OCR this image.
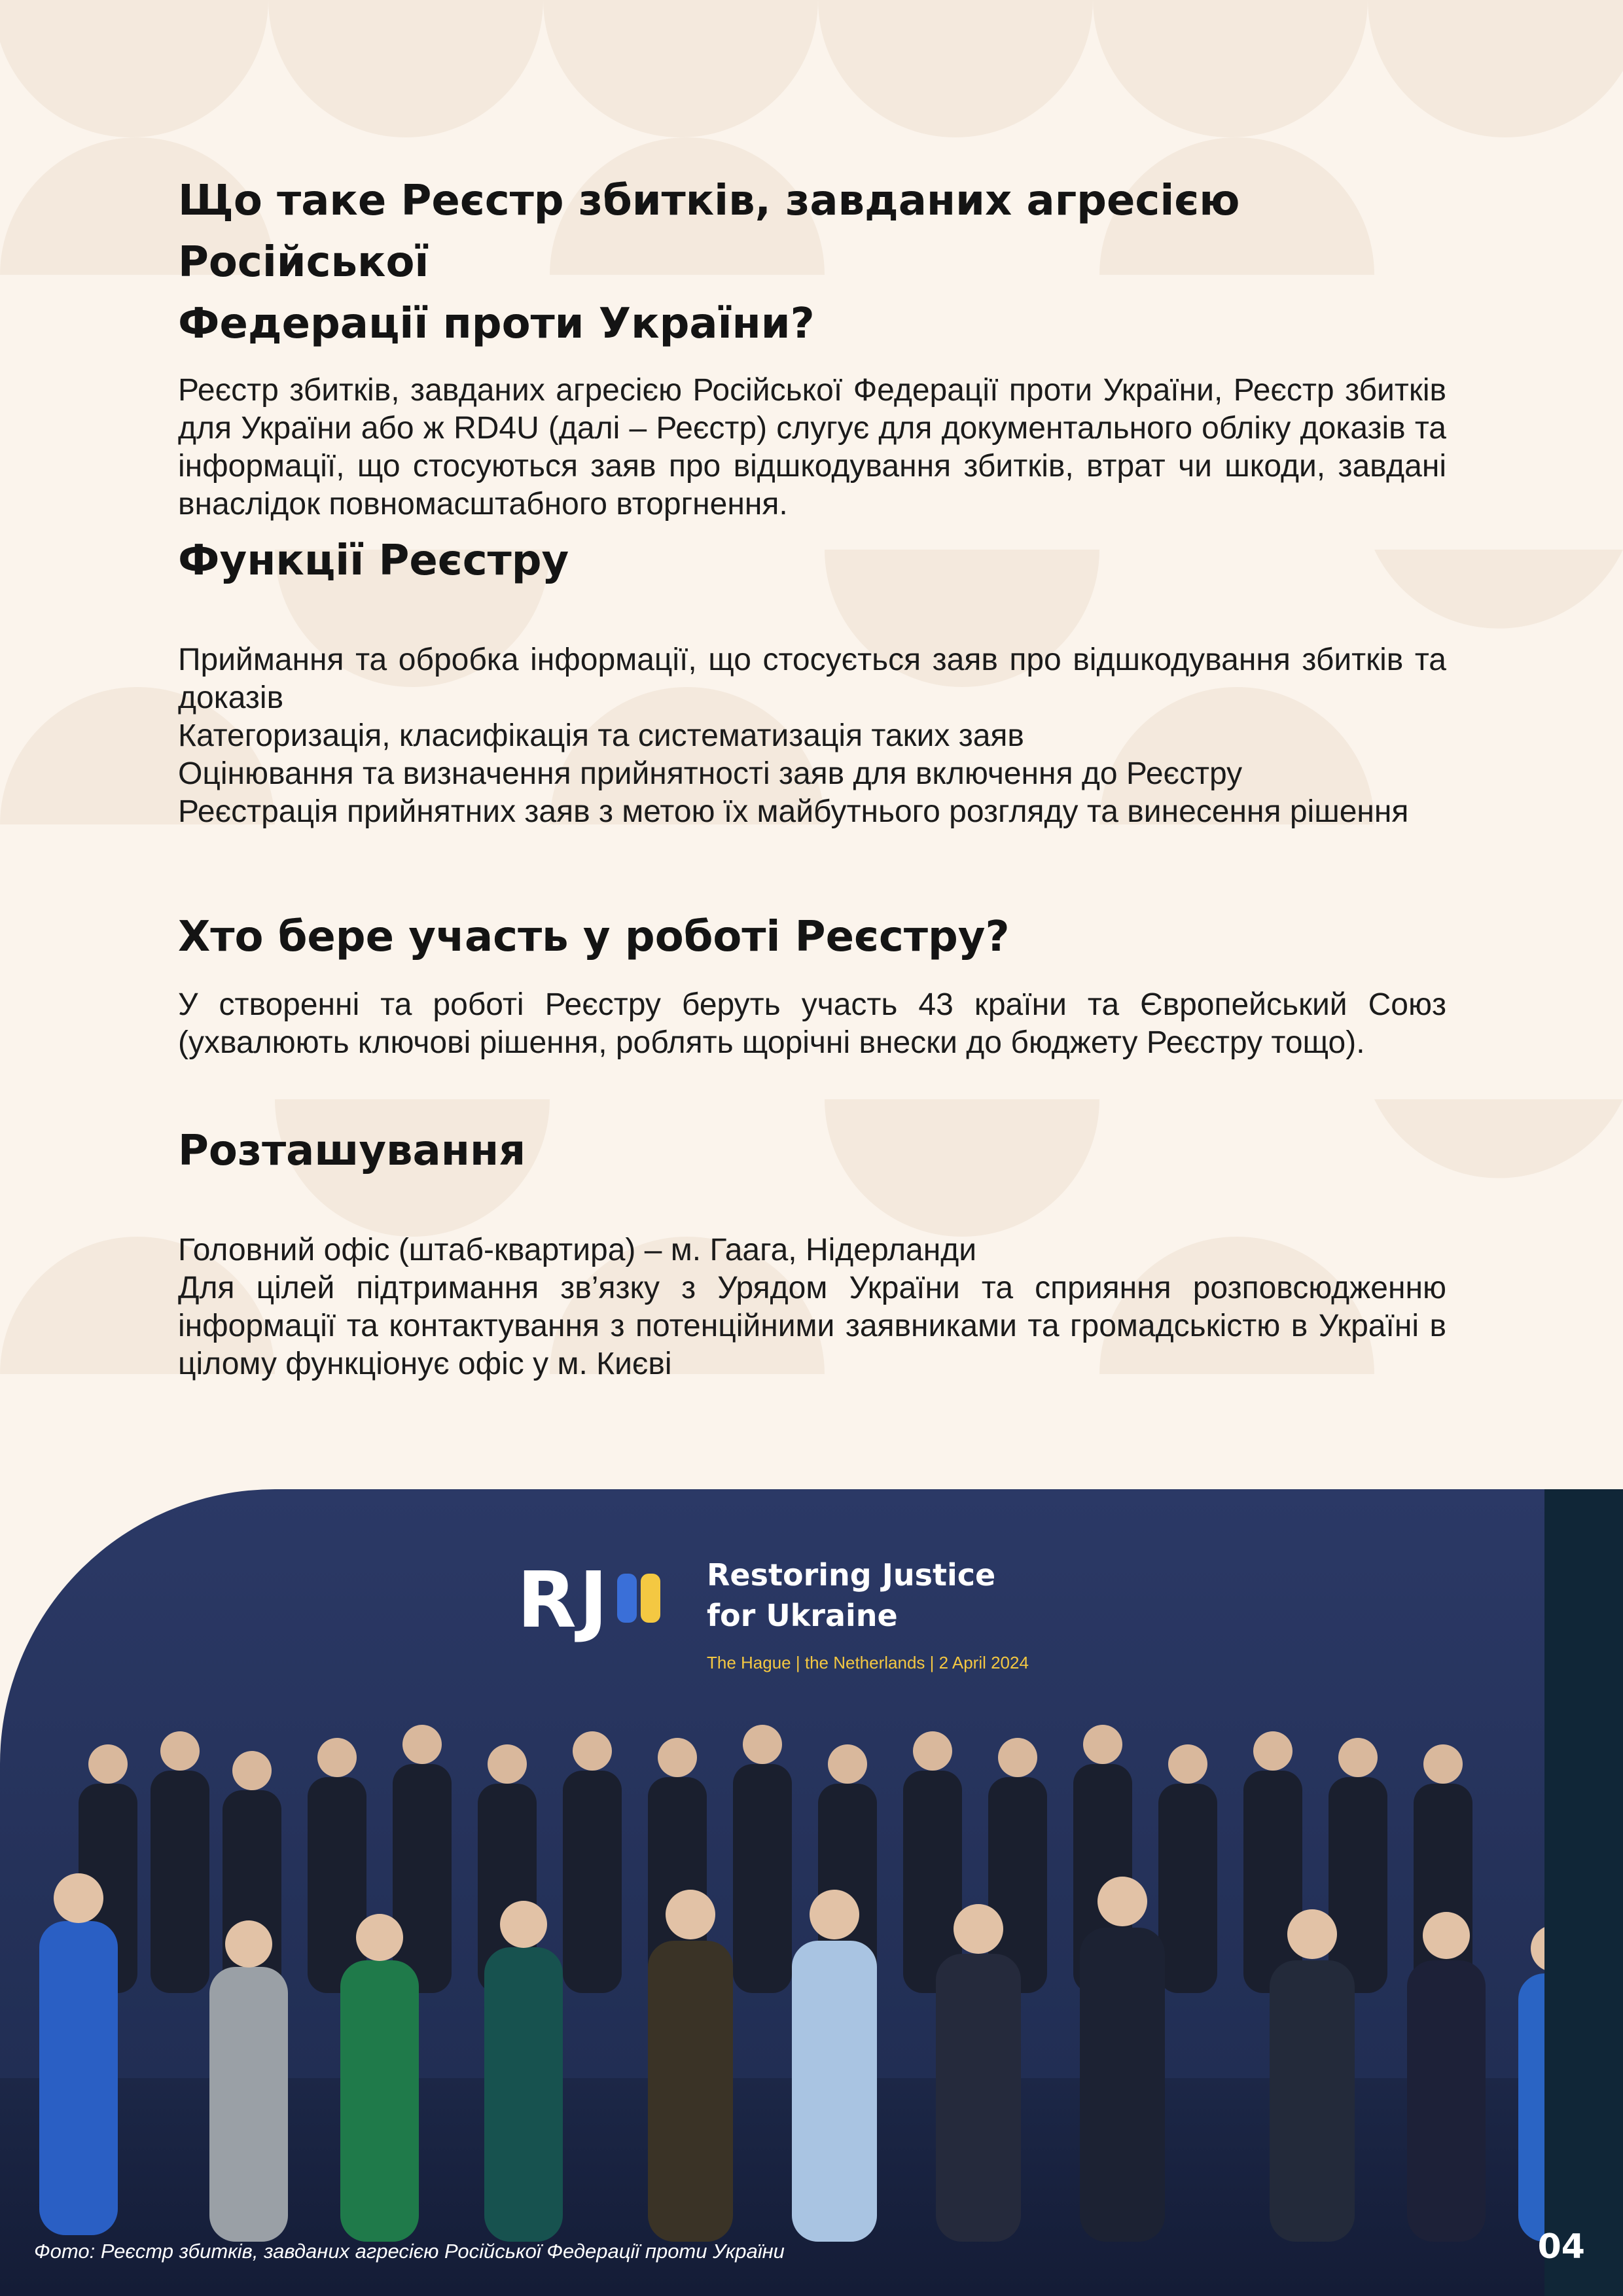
Що таке Реєстр збитків, завданих агресією Російської
Федерації проти України?

Реєстр збитків, завданих агресією Російської Федерації проти України, Реєстр збитків для України або ж RD4U (далі – Реєстр) слугує для документального обліку доказів та інформації, що стосуються заяв про відшкодування збитків, втрат чи шкоди, завдані внаслідок повномасштабного вторгнення.

Функції Реєстру

Приймання та обробка інформації, що стосується заяв про відшкодування збитків та доказів

Категоризація, класифікація та систематизація таких заяв

Оцінювання та визначення прийнятності заяв для включення до Реєстру

Реєстрація прийнятних заяв з метою їх майбутнього розгляду та винесення рішення

Хто бере участь у роботі Реєстру?

У створенні та роботі Реєстру беруть участь 43 країни та Європейський Союз (ухвалюють ключові рішення, роблять щорічні внески до бюджету Реєстру тощо).

Розташування

Головний офіс (штаб-квартира) – м. Гаага, Нідерланди

Для цілей підтримання зв’язку з Урядом України та сприяння розповсюдженню інформації та контактування з потенційними заявниками та громадськістю в Україні в цілому функціонує офіс у м. Києві

RJ	Restoring Justice
for Ukraine
The Hague | the Netherlands | 2 April 2024
Фото: Реєстр збитків, завданих агресією Російської Федерації проти України	04
